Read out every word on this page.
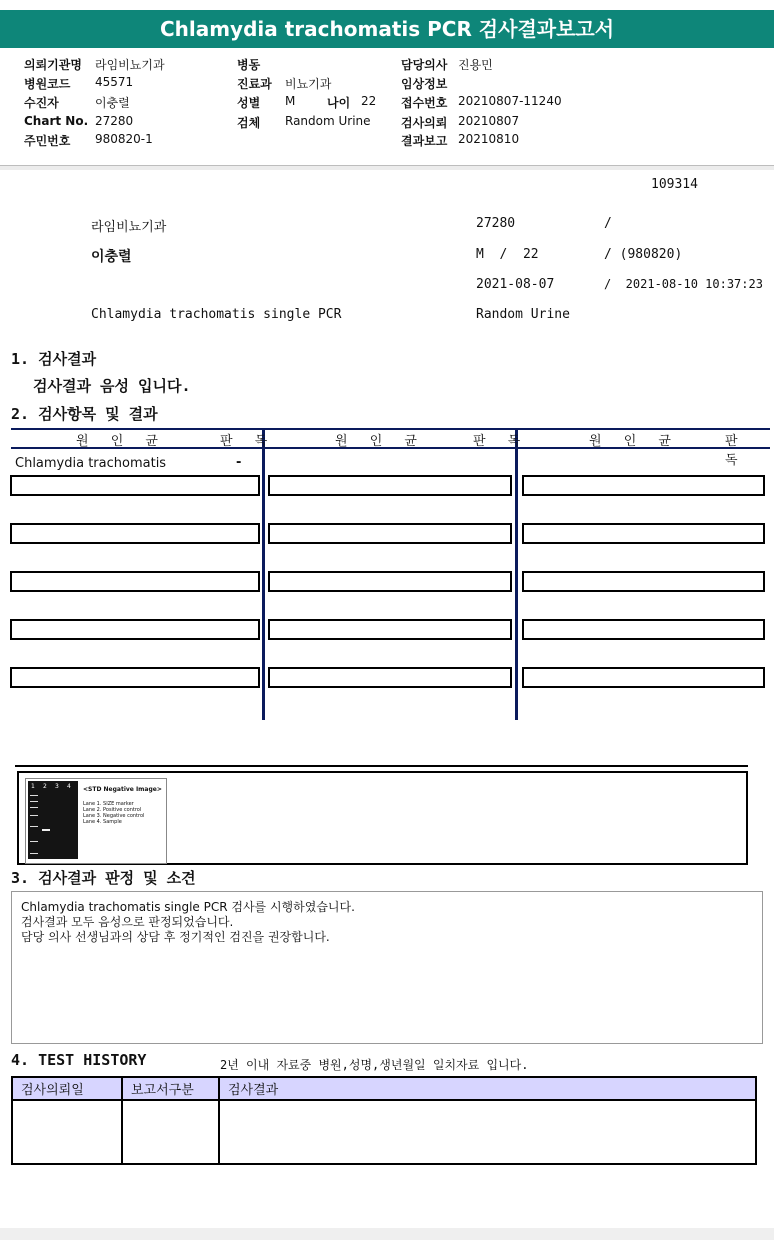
Chlamydia trachomatis PCR 검사결과보고서
의뢰기관명 라임비뇨기과
병원코드 45571
수진자	이충렬
Chart No. 27280
주민번호 980820-1
병동
진료과 비뇨기과
성별 M	나이 22
검체 Random Urine
담당의사 진용민
임상정보
접수번호 20210807-11240
검사의뢰 20210807
결과보고 20210810
109314
라임비뇨기과	27280	/
이충렬	M  /  22	/ (980820)
2021-08-07	/  2021-08-10 10:37:23
Chlamydia trachomatis single PCR	Random Urine
1. 검사결과
검사결과 음성 입니다.
2. 검사항목 및 결과
원 인 균	판 독	원 인 균	판 독	원 인 균	판 독
Chlamydia trachomatis	-
1 2 3 4 <STD Negative Image>
Lane 1. SIZE marker
Lane 2. Positive control
Lane 3. Negative control
Lane 4. Sample
3. 검사결과 판정 및 소견
Chlamydia trachomatis single PCR 검사를 시행하였습니다.
검사결과 모두 음성으로 판정되었습니다.
담당 의사 선생님과의 상담 후 정기적인 검진을 권장합니다.
4. TEST HISTORY	2년 이내 자료중 병원,성명,생년월일 일치자료 입니다.
검사의뢰일	보고서구분	검사결과
